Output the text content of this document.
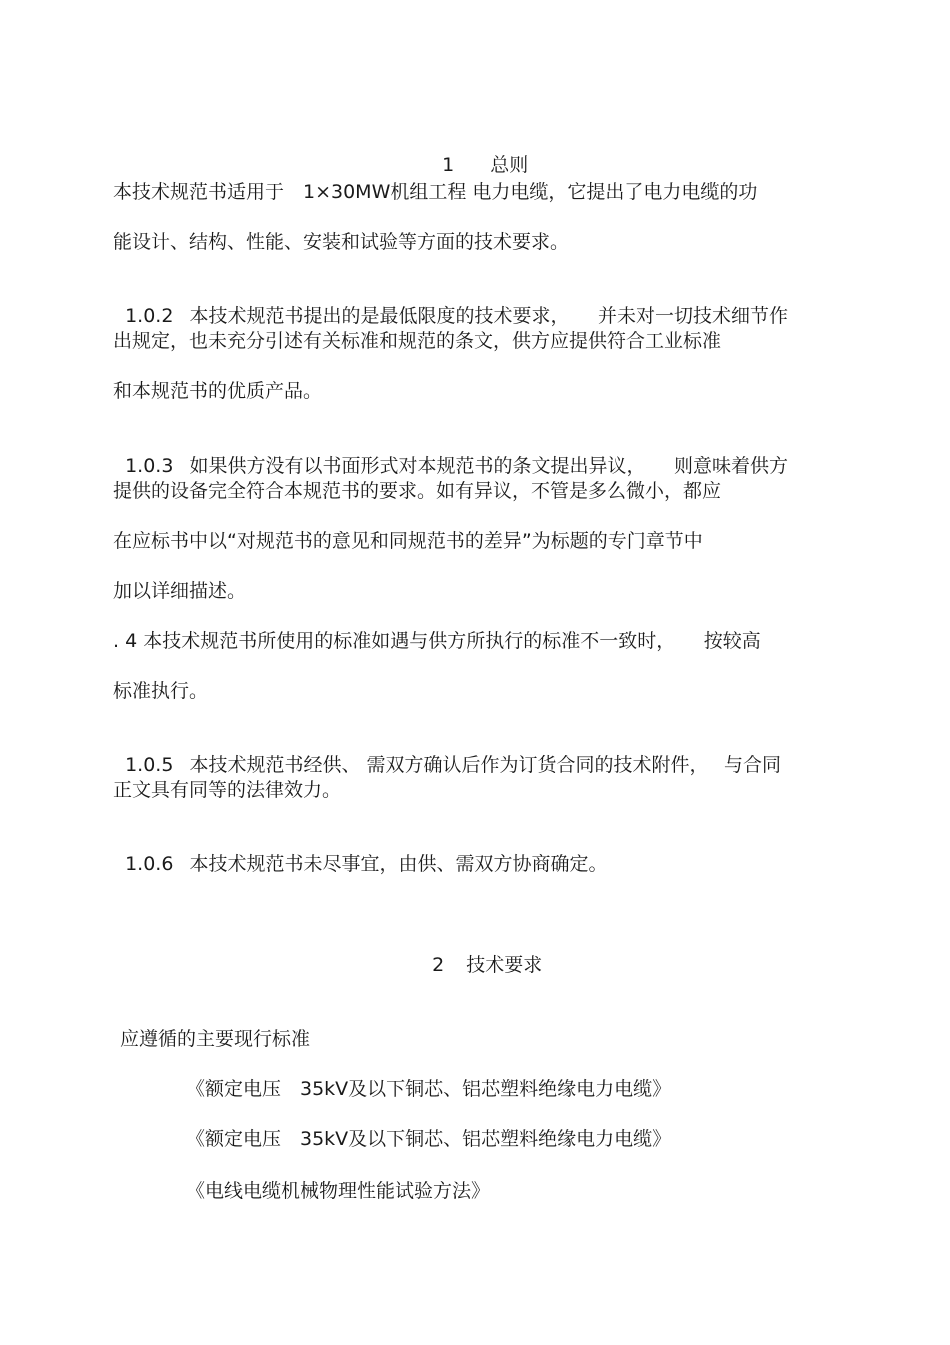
1 总则

本技术规范书适用于　1×30MW机组工程 电力电缆，它提出了电力电缆的功
能设计、结构、性能、安装和试验等方面的技术要求。

1.0.2 本技术规范书提出的是最低限度的技术要求，　　并未对一切技术细节作

出规定，也未充分引述有关标准和规范的条文，供方应提供符合工业标准
和本规范书的优质产品。

1.0.3 如果供方没有以书面形式对本规范书的条文提出异议，　　则意味着供方

提供的设备完全符合本规范书的要求。如有异议，不管是多么微小，都应
在应标书中以“对规范书的意见和同规范书的差异”为标题的专门章节中
加以详细描述。
. 4 本技术规范书所使用的标准如遇与供方所执行的标准不一致时，　　按较高
标准执行。

1.0.5 本技术规范书经供、 需双方确认后作为订货合同的技术附件，　 与合同

正文具有同等的法律效力。

1.0.6 本技术规范书未尽事宜，由供、需双方协商确定。

2 技术要求

应遵循的主要现行标准
《额定电压　35kV及以下铜芯、铝芯塑料绝缘电力电缆》
《额定电压　35kV及以下铜芯、铝芯塑料绝缘电力电缆》
《电线电缆机械物理性能试验方法》
